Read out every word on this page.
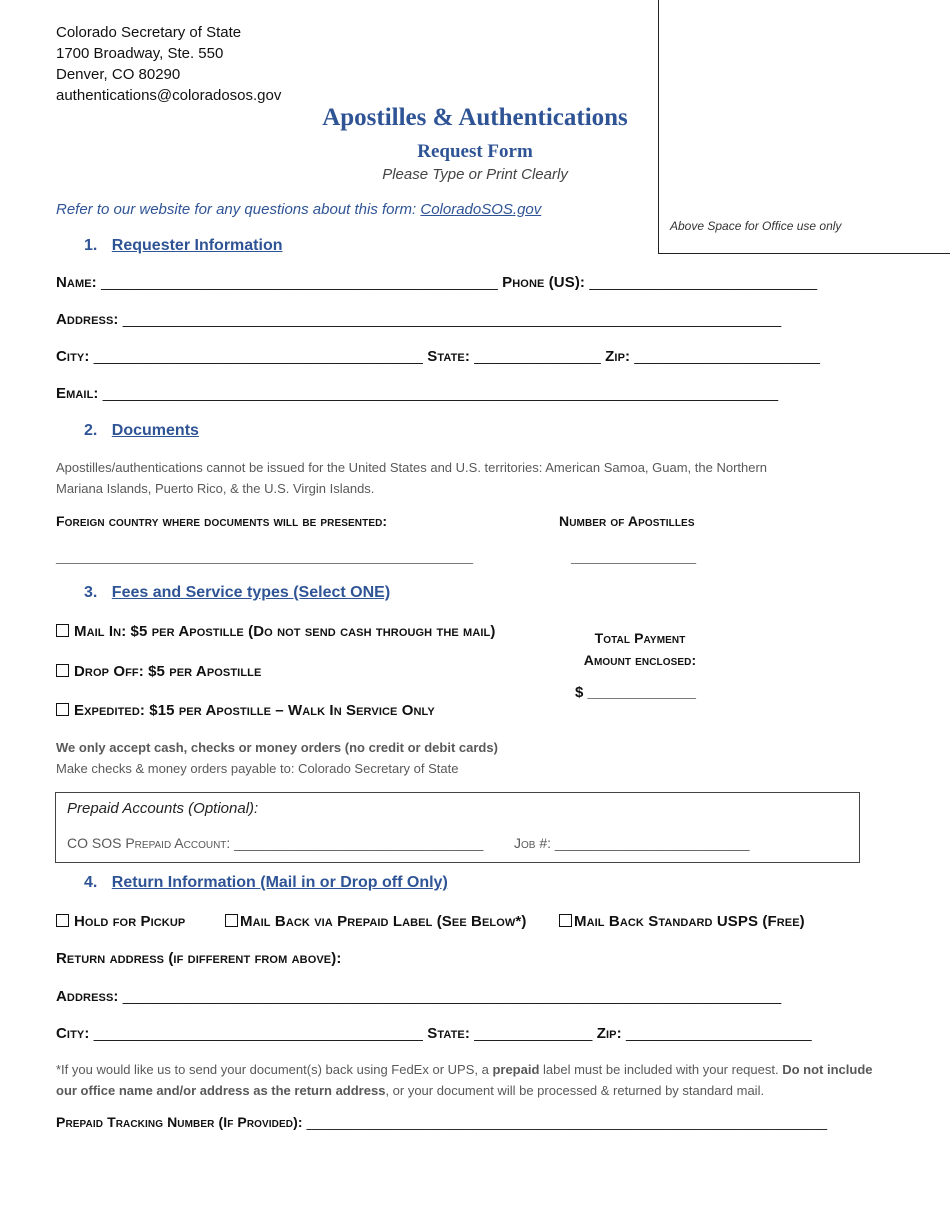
Colorado Secretary of State
1700 Broadway, Ste. 550
Denver, CO 80290
authentications@coloradosos.gov
Above Space for Office use only
Apostilles & Authentications
Request Form
Please Type or Print Clearly
Refer to our website for any questions about this form: ColoradoSOS.gov
1. Requester Information
Name: _______________________________________________ Phone (US): ___________________________
Address: ______________________________________________________________________________
City: _______________________________________ State: _______________ Zip: ______________________
Email: ________________________________________________________________________________
2. Documents
Apostilles/authentications cannot be issued for the United States and U.S. territories: American Samoa, Guam, the Northern
Mariana Islands, Puerto Rico, & the U.S. Virgin Islands.
Foreign country where documents will be presented:	Number of Apostilles
__________________________________________________	_______________
3. Fees and Service types (Select ONE)
Mail In: $5 per Apostille (Do not send cash through the mail)
Drop Off: $5 per Apostille
Expedited: $15 per Apostille – Walk In Service Only
Total Payment
Amount enclosed:
$ _____________
We only accept cash, checks or money orders (no credit or debit cards)
Make checks & money orders payable to: Colorado Secretary of State
Prepaid Accounts (Optional):
CO SOS Prepaid Account: ________________________________ Job #: _________________________
4. Return Information (Mail in or Drop off Only)
Hold for Pickup	Mail Back via Prepaid Label (See Below*)	Mail Back Standard USPS (Free)
Return address (if different from above):
Address: ______________________________________________________________________________
City: _______________________________________ State: ______________ Zip: ______________________
*If you would like us to send your document(s) back using FedEx or UPS, a prepaid label must be included with your request. Do not include our office name and/or address as the return address, or your document will be processed & returned by standard mail.
Prepaid Tracking Number (If Provided): __________________________________________________________________
